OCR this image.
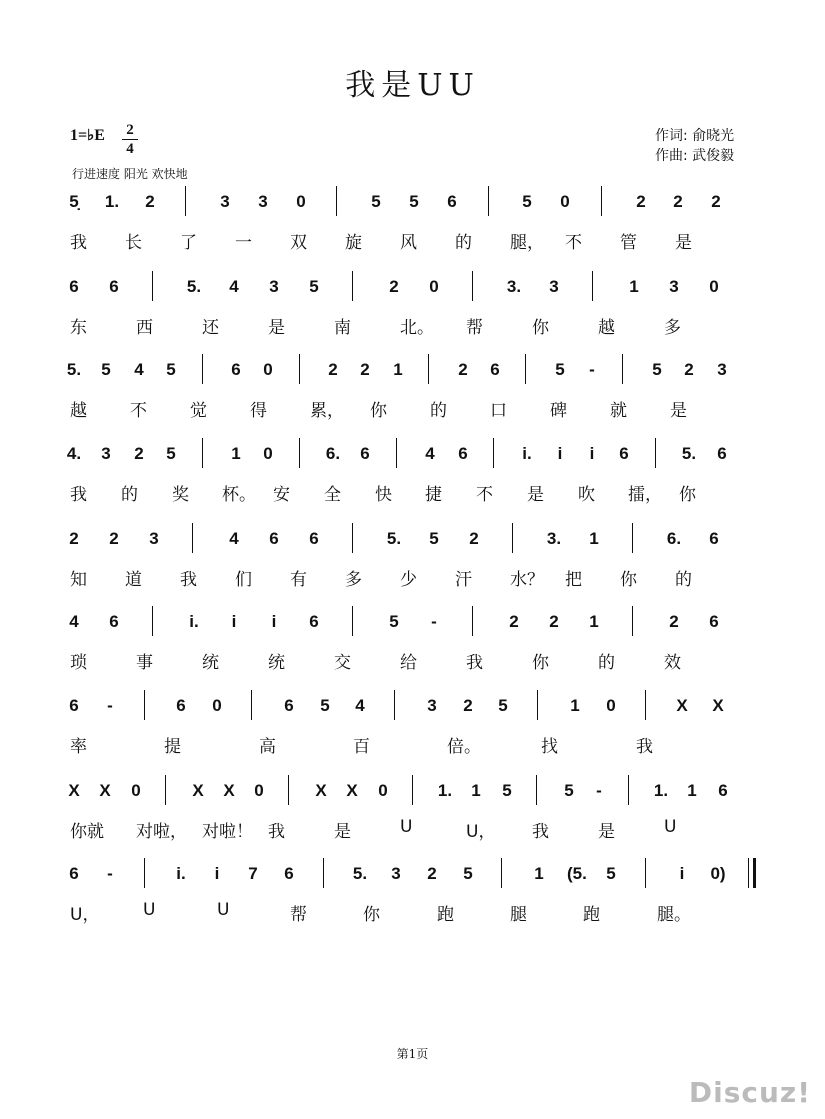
我是UU
1=♭E 2
4
作词: 俞晓光
作曲: 武俊毅
行进速度 阳光 欢快地
5̣ 1. 2	3 3 0	5 5 6	5 0	2 2 2
我 长 了 一 双 旋 风 的 腿， 不 管 是
6 6	5. 4 3 5	2 0	3. 3	1 3 0
东	西	还	是	南	北。 帮	你	越	多
5. 5 4 5	6 0	2 2 1	2 6	5	-	5 2 3
越	不	觉	得	累， 你	的	口	碑	就	是
4. 3 2 5	1 0	6. 6	4 6	i.	i	i	6	5. 6
我 的 奖 杯。 安 全 快 捷 不 是 吹 擂， 你
2 2 3	4 6 6	5. 5 2	3. 1	6. 6
知 道 我 们 有 多 少 汗 水？ 把 你 的
4 6	i.	i	i	6	5	-	2 2 1	2 6
琐	事	统	统	交	给	我	你	的	效
6	-	6 0	6 5 4	3 2 5	1 0	X X
率	提	高	百	倍。	找	我
X X 0	X X 0	X X 0	1. 1 5	5	-	1. 1 6
你就 对啦， 对啦！ 我	是	U	U， 我	是	U
6	-	i.	i	7 6	5. 3 2 5	1 (5. 5	i	0)
U，	U	U	帮	你	跑	腿	跑	腿。
第1页
Discuz!
